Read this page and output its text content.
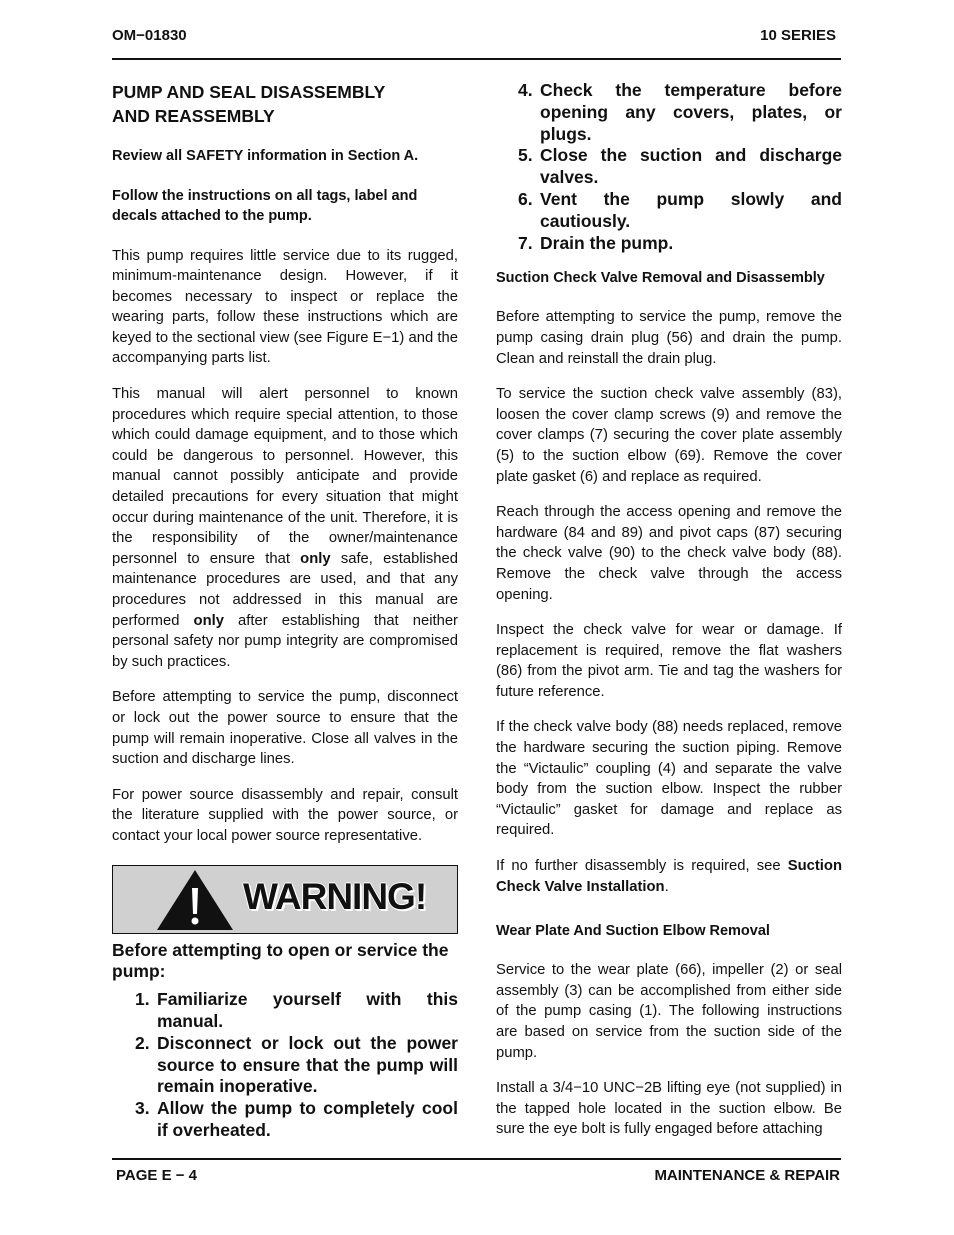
OM−01830	10 SERIES
PUMP AND SEAL DISASSEMBLY
AND REASSEMBLY
Review all SAFETY information in Section A.
Follow the instructions on all tags, label and decals attached to the pump.

This pump requires little service due to its rugged, minimum-maintenance design. However, if it becomes necessary to inspect or replace the wearing parts, follow these instructions which are keyed to the sectional view (see Figure E−1) and the accompanying parts list.

This manual will alert personnel to known procedures which require special attention, to those which could damage equipment, and to those which could be dangerous to personnel. However, this manual cannot possibly anticipate and provide detailed precautions for every situation that might occur during maintenance of the unit. Therefore, it is the responsibility of the owner/maintenance personnel to ensure that only safe, established maintenance procedures are used, and that any procedures not addressed in this manual are performed only after establishing that neither personal safety nor pump integrity are compromised by such practices.

Before attempting to service the pump, disconnect or lock out the power source to ensure that the pump will remain inoperative. Close all valves in the suction and discharge lines.

For power source disassembly and repair, consult the literature supplied with the power source, or contact your local power source representative.

WARNING!
Before attempting to open or service the pump:
1. Familiarize yourself with this manual.
2. Disconnect or lock out the power source to ensure that the pump will remain inoperative.
3. Allow the pump to completely cool if overheated.
4. Check the temperature before opening any covers, plates, or plugs.
5. Close the suction and discharge valves.
6. Vent the pump slowly and cautiously.
7. Drain the pump.
Suction Check Valve Removal and Disassembly

Before attempting to service the pump, remove the pump casing drain plug (56) and drain the pump. Clean and reinstall the drain plug.

To service the suction check valve assembly (83), loosen the cover clamp screws (9) and remove the cover clamps (7) securing the cover plate assembly (5) to the suction elbow (69). Remove the cover plate gasket (6) and replace as required.

Reach through the access opening and remove the hardware (84 and 89) and pivot caps (87) securing the check valve (90) to the check valve body (88). Remove the check valve through the access opening.

Inspect the check valve for wear or damage. If replacement is required, remove the flat washers (86) from the pivot arm. Tie and tag the washers for future reference.

If the check valve body (88) needs replaced, remove the hardware securing the suction piping. Remove the “Victaulic” coupling (4) and separate the valve body from the suction elbow. Inspect the rubber “Victaulic” gasket for damage and replace as required.

If no further disassembly is required, see Suction Check Valve Installation.

Wear Plate And Suction Elbow Removal

Service to the wear plate (66), impeller (2) or seal assembly (3) can be accomplished from either side of the pump casing (1). The following instructions are based on service from the suction side of the pump.

Install a 3/4−10 UNC−2B lifting eye (not supplied) in the tapped hole located in the suction elbow. Be sure the eye bolt is fully engaged before attaching

PAGE E − 4	MAINTENANCE & REPAIR
